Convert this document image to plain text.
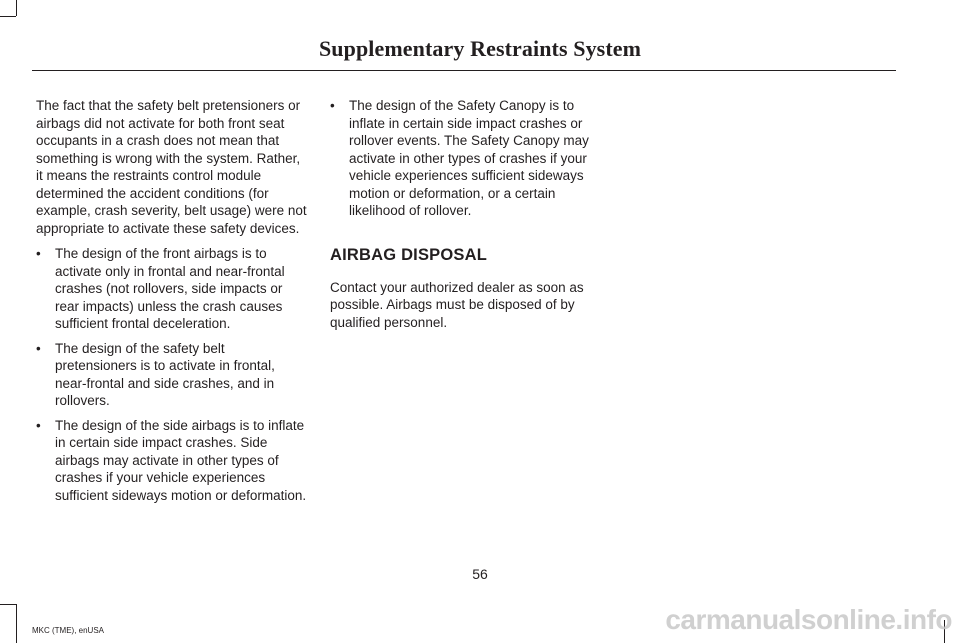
Supplementary Restraints System

The fact that the safety belt pretensioners or airbags did not activate for both front seat occupants in a crash does not mean that something is wrong with the system. Rather, it means the restraints control module determined the accident conditions (for example, crash severity, belt usage) were not appropriate to activate these safety devices.

• The design of the front airbags is to activate only in frontal and near-frontal crashes (not rollovers, side impacts or rear impacts) unless the crash causes sufficient frontal deceleration.
• The design of the safety belt pretensioners is to activate in frontal, near-frontal and side crashes, and in rollovers.
• The design of the side airbags is to inflate in certain side impact crashes. Side airbags may activate in other types of crashes if your vehicle experiences sufficient sideways motion or deformation.
• The design of the Safety Canopy is to inflate in certain side impact crashes or rollover events. The Safety Canopy may activate in other types of crashes if your vehicle experiences sufficient sideways motion or deformation, or a certain likelihood of rollover.
AIRBAG DISPOSAL

Contact your authorized dealer as soon as possible. Airbags must be disposed of by qualified personnel.

56
MKC (TME), enUSA	carmanualsonline.info
